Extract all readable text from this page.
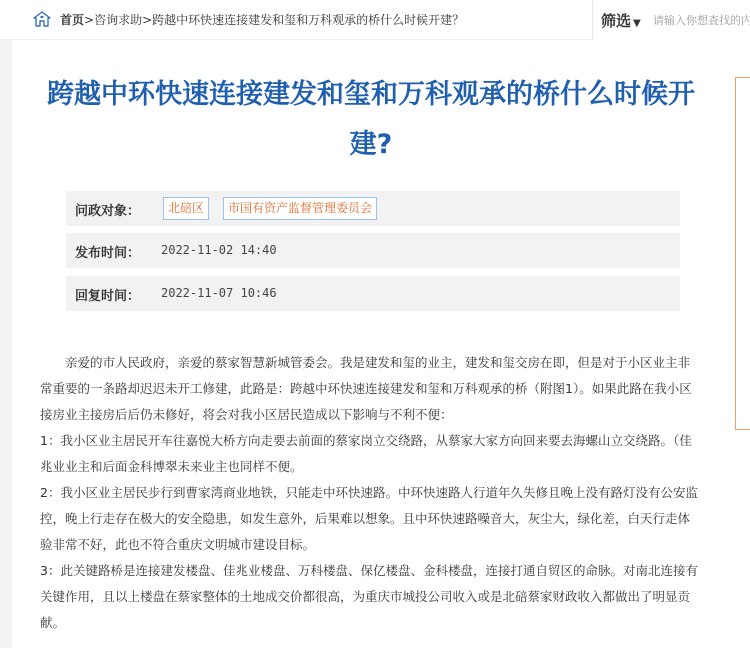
首页>咨询求助>跨越中环快速连接建发和玺和万科观承的桥什么时候开建？	筛选 ▼
请输入你想查找的内容
跨越中环快速连接建发和玺和万科观承的桥什么时候开建?
问政对象：	北碚区	市国有资产监督管理委员会
发布时间： 2022-11-02 14:40
回复时间： 2022-11-07 10:46

亲爱的市人民政府，亲爱的蔡家智慧新城管委会。我是建发和玺的业主，建发和玺交房在即，但是对于小区业主非常重要的一条路却迟迟未开工修建，此路是：跨越中环快速连接建发和玺和万科观承的桥（附图1）。如果此路在我小区接房业主接房后后仍未修好，将会对我小区居民造成以下影响与不利不便：

1：我小区业主居民开车往嘉悦大桥方向走要去前面的蔡家岗立交绕路，从蔡家大家方向回来要去海螺山立交绕路。（佳兆业业主和后面金科博翠未来业主也同样不便。

2：我小区业主居民步行到曹家湾商业地铁，只能走中环快速路。中环快速路人行道年久失修且晚上没有路灯没有公安监控，晚上行走存在极大的安全隐患，如发生意外，后果难以想象。且中环快速路噪音大，灰尘大，绿化差，白天行走体验非常不好，此也不符合重庆文明城市建设目标。

3：此关键路桥是连接建发楼盘、佳兆业楼盘、万科楼盘、保亿楼盘、金科楼盘，连接打通自贸区的命脉。对南北连接有关键作用，且以上楼盘在蔡家整体的土地成交价都很高，为重庆市城投公司收入或是北碚蔡家财政收入都做出了明显贡献。
